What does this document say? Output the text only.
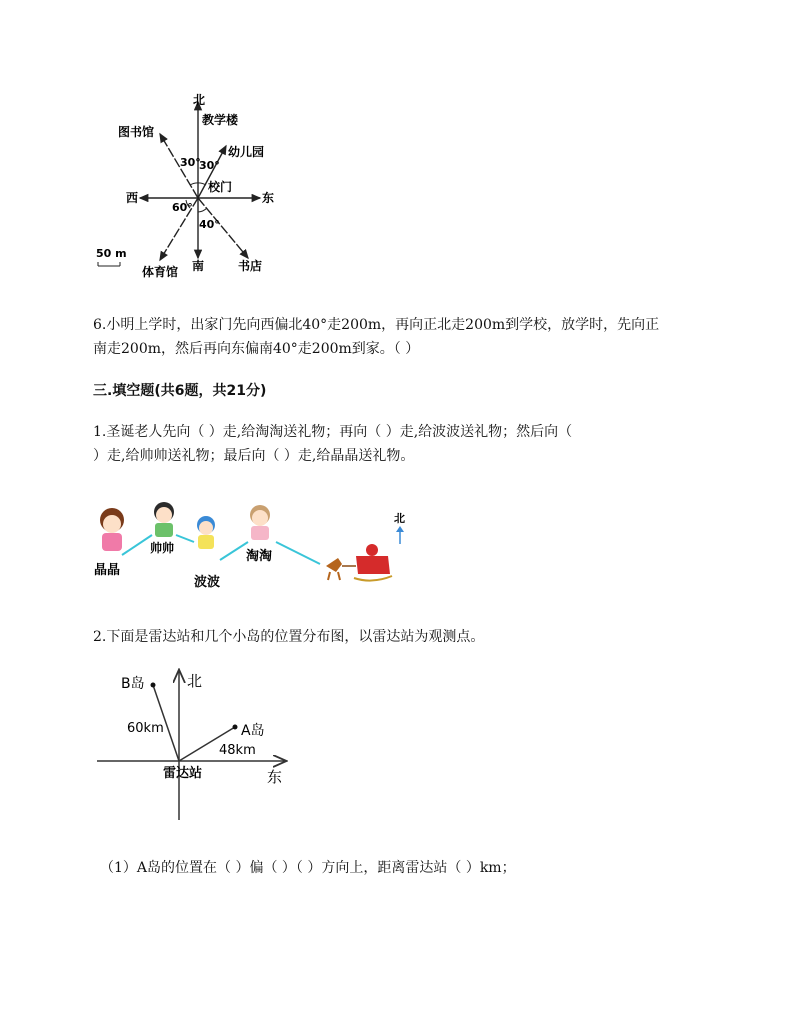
北
教学楼
图书馆
幼儿园
30°
30°
校门
西	东
60°
40°
50 m
体育馆 南	书店
6.小明上学时，出家门先向西偏北40°走200m，再向正北走200m到学校，放学时，先向正
南走200m，然后再向东偏南40°走200m到家。（ ）
三.填空题(共6题，共21分)
1.圣诞老人先向（ ）走,给淘淘送礼物；再向（ ）走,给波波送礼物；然后向（
）走,给帅帅送礼物；最后向（ ）走,给晶晶送礼物。
晶晶
帅帅
波波
淘淘
北
2.下面是雷达站和几个小岛的位置分布图，以雷达站为观测点。
B岛	北
60km	A岛
48km
雷达站	东
（1）A岛的位置在（ ）偏（ ）（ ）方向上，距离雷达站（ ）km；
